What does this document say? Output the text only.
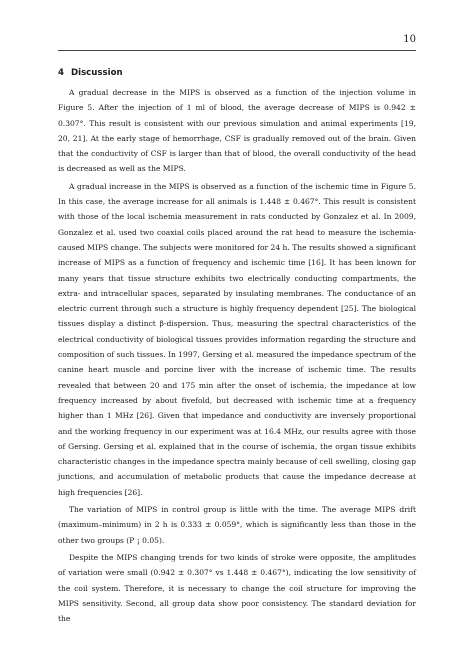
10
4 Discussion

A gradual decrease in the MIPS is observed as a function of the injection volume in Figure 5. After the injection of 1 ml of blood, the average decrease of MIPS is 0.942 ± 0.307°. This result is consistent with our previous simulation and animal experiments [19, 20, 21]. At the early stage of hemorrhage, CSF is gradually removed out of the brain. Given that the conductivity of CSF is larger than that of blood, the overall conductivity of the head is decreased as well as the MIPS.

A gradual increase in the MIPS is observed as a function of the ischemic time in Figure 5. In this case, the average increase for all animals is 1.448 ± 0.467°. This result is consistent with those of the local ischemia measurement in rats conducted by Gonzalez et al. In 2009, Gonzalez et al. used two coaxial coils placed around the rat head to measure the ischemia-caused MIPS change. The subjects were monitored for 24 h. The results showed a significant increase of MIPS as a function of frequency and ischemic time [16]. It has been known for many years that tissue structure exhibits two electrically conducting compartments, the extra- and intracellular spaces, separated by insulating membranes. The conductance of an electric current through such a structure is highly frequency dependent [25]. The biological tissues display a distinct β-dispersion. Thus, measuring the spectral characteristics of the electrical conductivity of biological tissues provides information regarding the structure and composition of such tissues. In 1997, Gersing et al. measured the impedance spectrum of the canine heart muscle and porcine liver with the increase of ischemic time. The results revealed that between 20 and 175 min after the onset of ischemia, the impedance at low frequency increased by about fivefold, but decreased with ischemic time at a frequency higher than 1 MHz [26]. Given that impedance and conductivity are inversely proportional and the working frequency in our experiment was at 16.4 MHz, our results agree with those of Gersing. Gersing et al. explained that in the course of ischemia, the organ tissue exhibits characteristic changes in the impedance spectra mainly because of cell swelling, closing gap junctions, and accumulation of metabolic products that cause the impedance decrease at high frequencies [26].

The variation of MIPS in control group is little with the time. The average MIPS drift (maximum–minimum) in 2 h is 0.333 ± 0.059°, which is significantly less than those in the other two groups (P ¡ 0.05).

Despite the MIPS changing trends for two kinds of stroke were opposite, the amplitudes of variation were small (0.942 ± 0.307° vs 1.448 ± 0.467°), indicating the low sensitivity of the coil system. Therefore, it is necessary to change the coil structure for improving the MIPS sensitivity. Second, all group data show poor consistency. The standard deviation for the
